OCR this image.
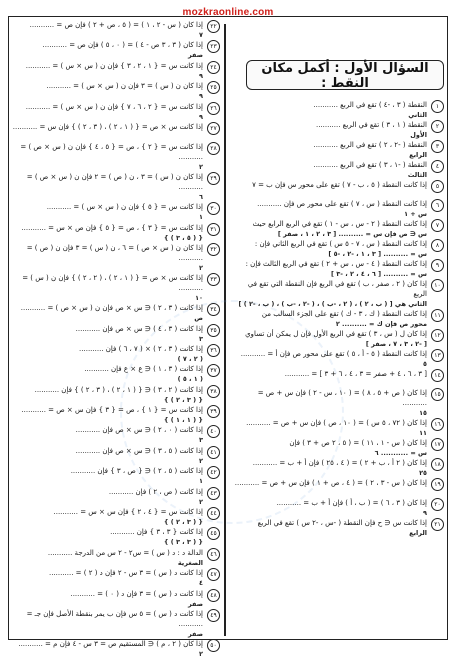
mozkraonline.com
السؤال الأول : أكمل مكان النقط :
١
النقطة ( ٣ ، -٤ ) تقع في الربع ...........
الثاني
٢
النقطة ( ١ ، ٣ ) تقع في الربع ...........
الأول
٣
النقطة ( -٢ ، ٢ ) تقع في الربع ...........
الرابع
٤
النقطة ( -١ ، ٣ ) تقع في الربع ...........
الثالث
٥
إذا كانت النقطة ( ٥ ، ب - ٧ ) تقع على محور س فإن ب = ٧
٦
إذا كانت النقطة ( س ، ٧ ) تقع على محور ص فإن ...........
س + ١
٧
إذا كانت النقطة ( ٢ - س ، س - ١ ) تقع في الربع الرابع حيث
س ∈ ص فإن س = .......... [ ٣ ، ٢ ، ١ ، صفر ]
٨
إذا كانت النقطة ( س ، ٧ - ٥ س ) تقع في الربع الثاني فإن :
س = .......... [ ٣ ، ١ ، -٢ ، -٥ ]
٩
إذا كانت النقطة ( ٤ - س ، س + ٢ ) تقع في الربع الثالث فإن :
س = .......... [ ٦ ، ٤ ، ٢ ، -٣ ]
١٠
إذا كان ( ٢ ، صفر ، ب ) تقع في الربع فإن النقطة التي تقع في الربع
الثاني هي [ ( ب ، ٢ ) ، ( ٢ ، -ب ) ، ( -٢ ، -ب ) ، ( ب ، -٢ ) ]
١١
إذا كانت النقطة ( ك ، ٣ - ك ) تقع على الجزء السالب من
محور ص فإن ك = .......... ٢
١٢
إذا كان ل ( س ، ٣ ) تقع في الربع الأول فإن ل يمكن أن تساوي
[ -٢ ، ٣ ، ٧ ، صفر ]
١٣
إذا كانت النقطة ( ٥ - أ ، ٥ ) تقع على محور ص فإن أ = ...........
٥
١٤
[ ٣ ، ٦ ، ٤ + صفر = ٣ ، ٤ ، ٦ + ٣ ] = ...........
١٥
إذا كان ( ص + ٥ ، ٨ ) = ( ١٠ ، س - ٢ ) فإن س + ص = ...........
١٥
١٦
إذا كان ( ٧٢ ، ٥ س ) = ( ١٠ ، ص ) فإن س + ص = ...........
١١
١٧
إذا كان ( س - ١ ، ١١ ) = ( ٥ ، ٢ ص + ٣ ) فإن
س = ........... ٦
١٨
إذا كان ( ٢ أ ، ب + ٢ ) = ( ٤ ، ٢٥ ) فإن أ + ب = ...........
٢٥
١٩
إذا كان ( س - ٣ ، ٢ ) = ( ٤ ، ص + ١ ) فإن س + ص = ...........
٢٠
إذا كان ( ٣ ، ٦ ) = ( ب ، أ ) فإن أ + ب = ...........
٩
٢١
إذا كانت س ∈ ح فإن النقطة ( -س ، -٢ س ) تقع في الربع
الرابع
٢٢
إذا كان ( س - ٢ ، ١ ) = ( ٥ ، ص + ٢ ) فإن ص = ...........
٧
٢٣
إذا كان ( ٣ ، ٣ ص - ٤ ) = ( ٠ ، ٥ ) فإن ص = ...........
صفر
٢٤
إذا كانت س = { ١ ، ٢ ، ٣ } فإن ن ( س × س ) = ...........
٩
٢٥
إذا كان ن ( س ) = ٣ فإن ن ( س × س ) = ...........
٩
٢٦
إذا كانت س = { ٢ ، ٦ ، ٧ } فإن ن ( س × س ) = ...........
٩
٢٧
إذا كانت س × ص = { ( ١ ، ٢ ) ، ( ٣ ، ٢ ) } فإن س = ...........
٢٨
إذا كانت س = { ٢ } ، ص = { ٥ ، ٤ } فإن ن ( س × ص ) = ...........
٢
٢٩
إذا كان ن ( س ) = ٣ ، ن ( ص ) = ٢ فإن ن ( س × ص ) = ...........
٦
٣٠
إذا كانت س = { ٥ } فإن ن ( س × س ) = ...........
١
٣١
إذا كانت س = { ٣ } ، ص = { ٥ } فإن ص × س = ...........
{ ( ٥ ، ٣ ) }
٣٢
إذا كان ن ( س × ص ) = ٦ ، ن ( س ) = ٣ فإن ن ( ص ) = ...........
٢
٣٣
إذا كانت س × ص = { ( ١ ، ٢ ) ، ( ٢ ، ٢ ) } فإن ن ( س ) = ...........
١٠
٣٤
إذا كانت ( ٣ ، ٢ ) ∈ س × ص فإن ن ( س × ص ) = ...........
ص
٣٥
إذا كانت ( ٣ ، ٤ ) ∈ س × ص فإن ...........
٣
٣٦
إذا كانت ( ٣ ، ٢ ) × ( ٧ ، ٦ ) فإن ...........
( ٢ ، ٧ )
٣٧
إذا كانت ( ٣ ، ١ ) ∈ ع × ع فإن ...........
( ١ ، ٥ )
٣٨
إذا كانت ( ٢ ، ٣ ) ∈ { ( ١ ، ٢ ) ، ( ٣ ، ٢ ) } فإن ...........
{ ( ٣ ، ٢ ) }
٣٩
إذا كانت س = { ١ } ، ص = { ٣ } فإن س × ص = ...........
{ ( ١ ، ١ ) }
٤٠
إذا كانت ( ٠ ، ٢ ) ∈ س × ص فإن ...........
٣
٤١
إذا كانت ( ٥ ، ٣ ) ∈ س × ص فإن ...........
٢
٤٢
إذا كانت ( ٥ ، ٢ ) ∈ { ص ، ٣ } فإن ...........
١
٤٣
إذا كانت ( ص ، ٢ ) فإن ...........
٢
٤٤
إذا كانت س = { ٤ ، ٢ } فإن س × س = ...........
{ ( ٣ ، ٢ ) }
٤٥
إذا كانت { ٣ ، ٣ } فإن ...........
{ ( ٣ ، ٣ ) }
٤٦
الدالة د : د ( س ) = س٢ - ٢ س من الدرجة ...........
الصغرية
٤٧
إذا كانت د ( س ) = ٣ س - ٢ فإن د ( ٢ ) = ...........
٤
٤٨
إذا كانت د ( س ) = ٣ فإن د ( ٠ ) = ...........
صفر
٤٩
إذا كانت د ( س ) = ٥ س فإن ب يمر بنقطة الأصل فإن جـ = ...........
صفر
٥٠
إذا كان ( ٢ ، م ) ∈ المستقيم ص = ٣ س - ٤ فإن م = ...........
٢
